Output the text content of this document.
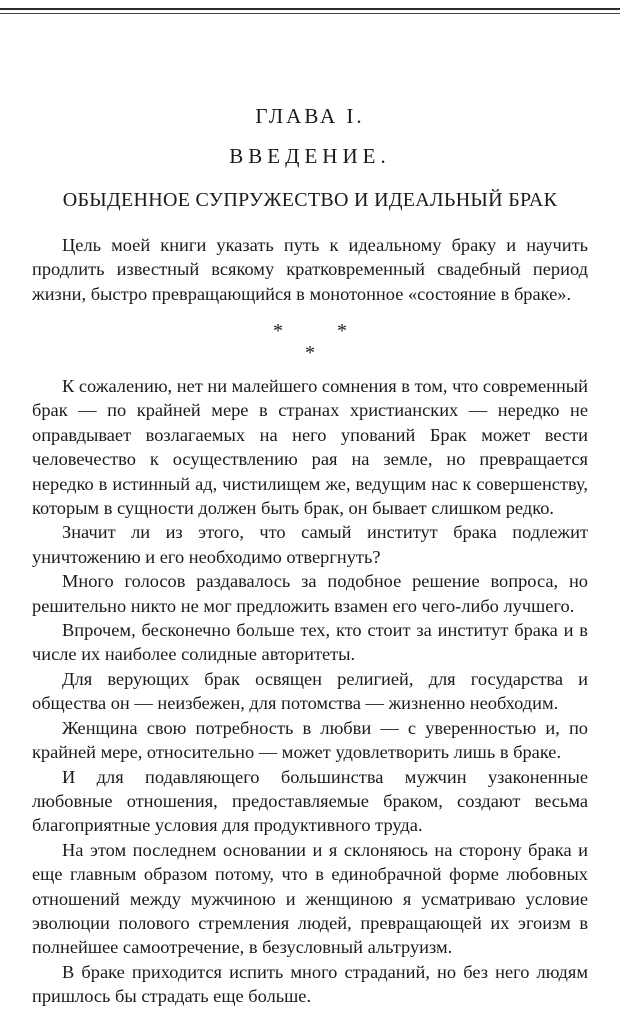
ГЛАВА I.
ВВЕДЕНИЕ.
ОБЫДЕННОЕ СУПРУЖЕСТВО И ИДЕАЛЬНЫЙ БРАК

Цель моей книги указать путь к идеальному браку и научить продлить известный всякому кратковременный свадебный период жизни, быстро превращающийся в монотонное «состояние в браке».

*	*
*

К сожалению, нет ни малейшего сомнения в том, что современный брак — по крайней мере в странах христианских — нередко не оправдывает возлагаемых на него упований Брак может вести человечество к осуществлению рая на земле, но превращается нередко в истинный ад, чистилищем же, ведущим нас к совершенству, которым в сущности должен быть брак, он бывает слишком редко.

Значит ли из этого, что самый институт брака подлежит уничтожению и его необходимо отвергнуть?

Много голосов раздавалось за подобное решение вопроса, но решительно никто не мог предложить взамен его чего-либо лучшего.

Впрочем, бесконечно больше тех, кто стоит за институт брака и в числе их наиболее солидные авторитеты.

Для верующих брак освящен религией, для государства и общества он — неизбежен, для потомства — жизненно необходим.

Женщина свою потребность в любви — с уверенностью и, по крайней мере, относительно — может удовлетворить лишь в браке.

И для подавляющего большинства мужчин узаконенные любовные отношения, предоставляемые браком, создают весьма благоприятные условия для продуктивного труда.

На этом последнем основании и я склоняюсь на сторону брака и еще главным образом потому, что в единобрачной форме любовных отношений между мужчиною и женщиною я усматриваю условие эволюции полового стремления людей, превращающей их эгоизм в полнейшее самоотречение, в безусловный альтруизм.

В браке приходится испить много страданий, но без него людям пришлось бы страдать еще больше.
